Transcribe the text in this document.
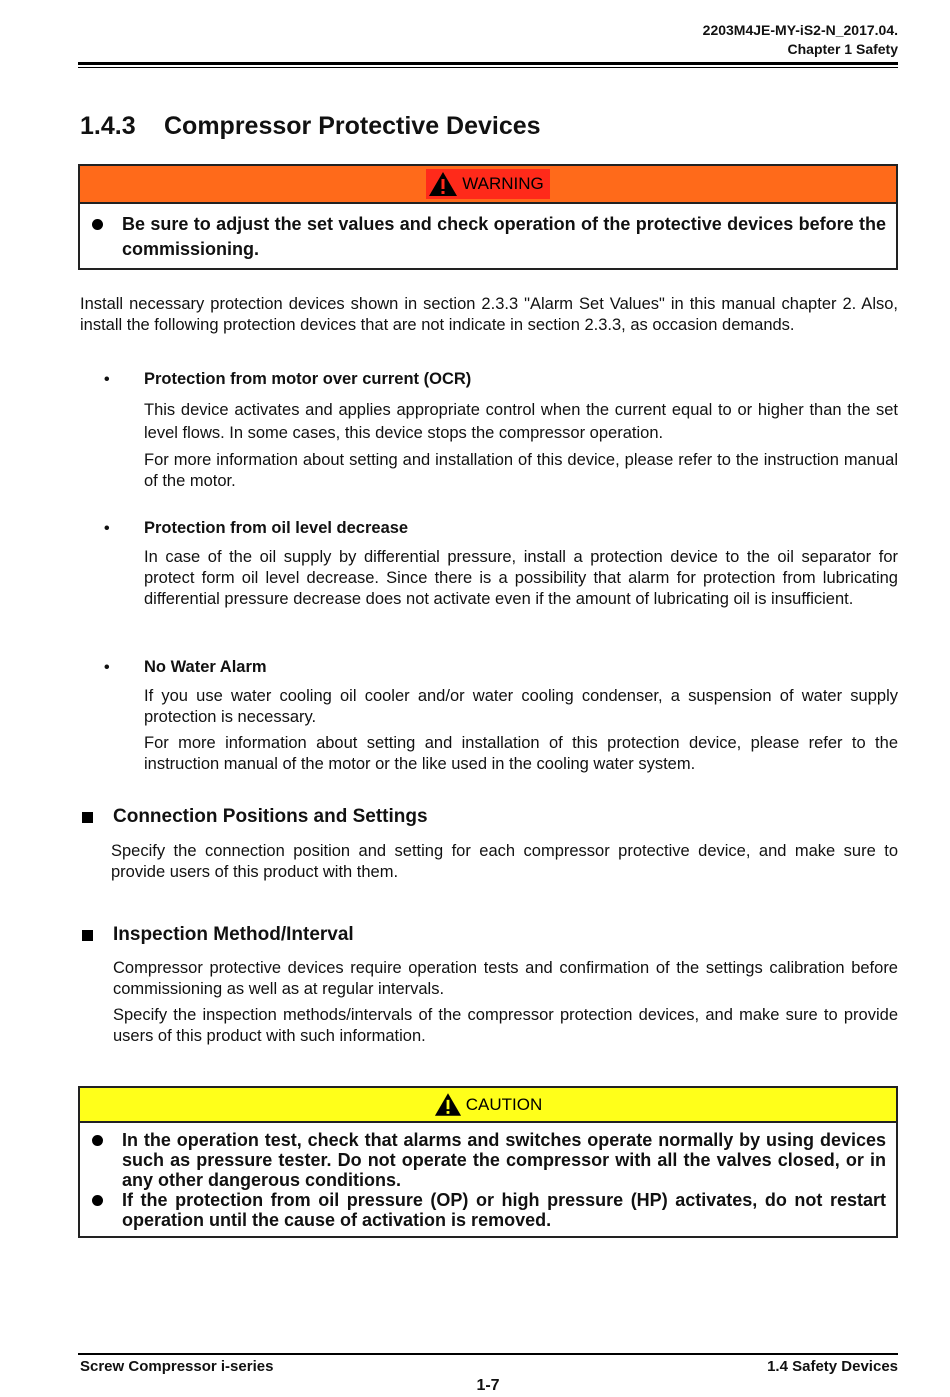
2203M4JE-MY-iS2-N_2017.04.
Chapter 1 Safety
1.4.3 Compressor Protective Devices
WARNING
Be sure to adjust the set values and check operation of the protective devices before the commissioning.
Install necessary protection devices shown in section 2.3.3 "Alarm Set Values" in this manual chapter 2. Also, install the following protection devices that are not indicate in section 2.3.3, as occasion demands.
• Protection from motor over current (OCR)
This device activates and applies appropriate control when the current equal to or higher than the set level flows. In some cases, this device stops the compressor operation.
For more information about setting and installation of this device, please refer to the instruction manual of the motor.
• Protection from oil level decrease
In case of the oil supply by differential pressure, install a protection device to the oil separator for protect form oil level decrease. Since there is a possibility that alarm for protection from lubricating differential pressure decrease does not activate even if the amount of lubricating oil is insufficient.
• No Water Alarm
If you use water cooling oil cooler and/or water cooling condenser, a suspension of water supply protection is necessary.
For more information about setting and installation of this protection device, please refer to the instruction manual of the motor or the like used in the cooling water system.
Connection Positions and Settings
Specify the connection position and setting for each compressor protective device, and make sure to provide users of this product with them.
Inspection Method/Interval
Compressor protective devices require operation tests and confirmation of the settings calibration before commissioning as well as at regular intervals.
Specify the inspection methods/intervals of the compressor protection devices, and make sure to provide users of this product with such information.
CAUTION
In the operation test, check that alarms and switches operate normally by using devices such as pressure tester. Do not operate the compressor with all the valves closed, or in any other dangerous conditions.
If the protection from oil pressure (OP) or high pressure (HP) activates, do not restart operation until the cause of activation is removed.
Screw Compressor i-series	1.4 Safety Devices
1-7
